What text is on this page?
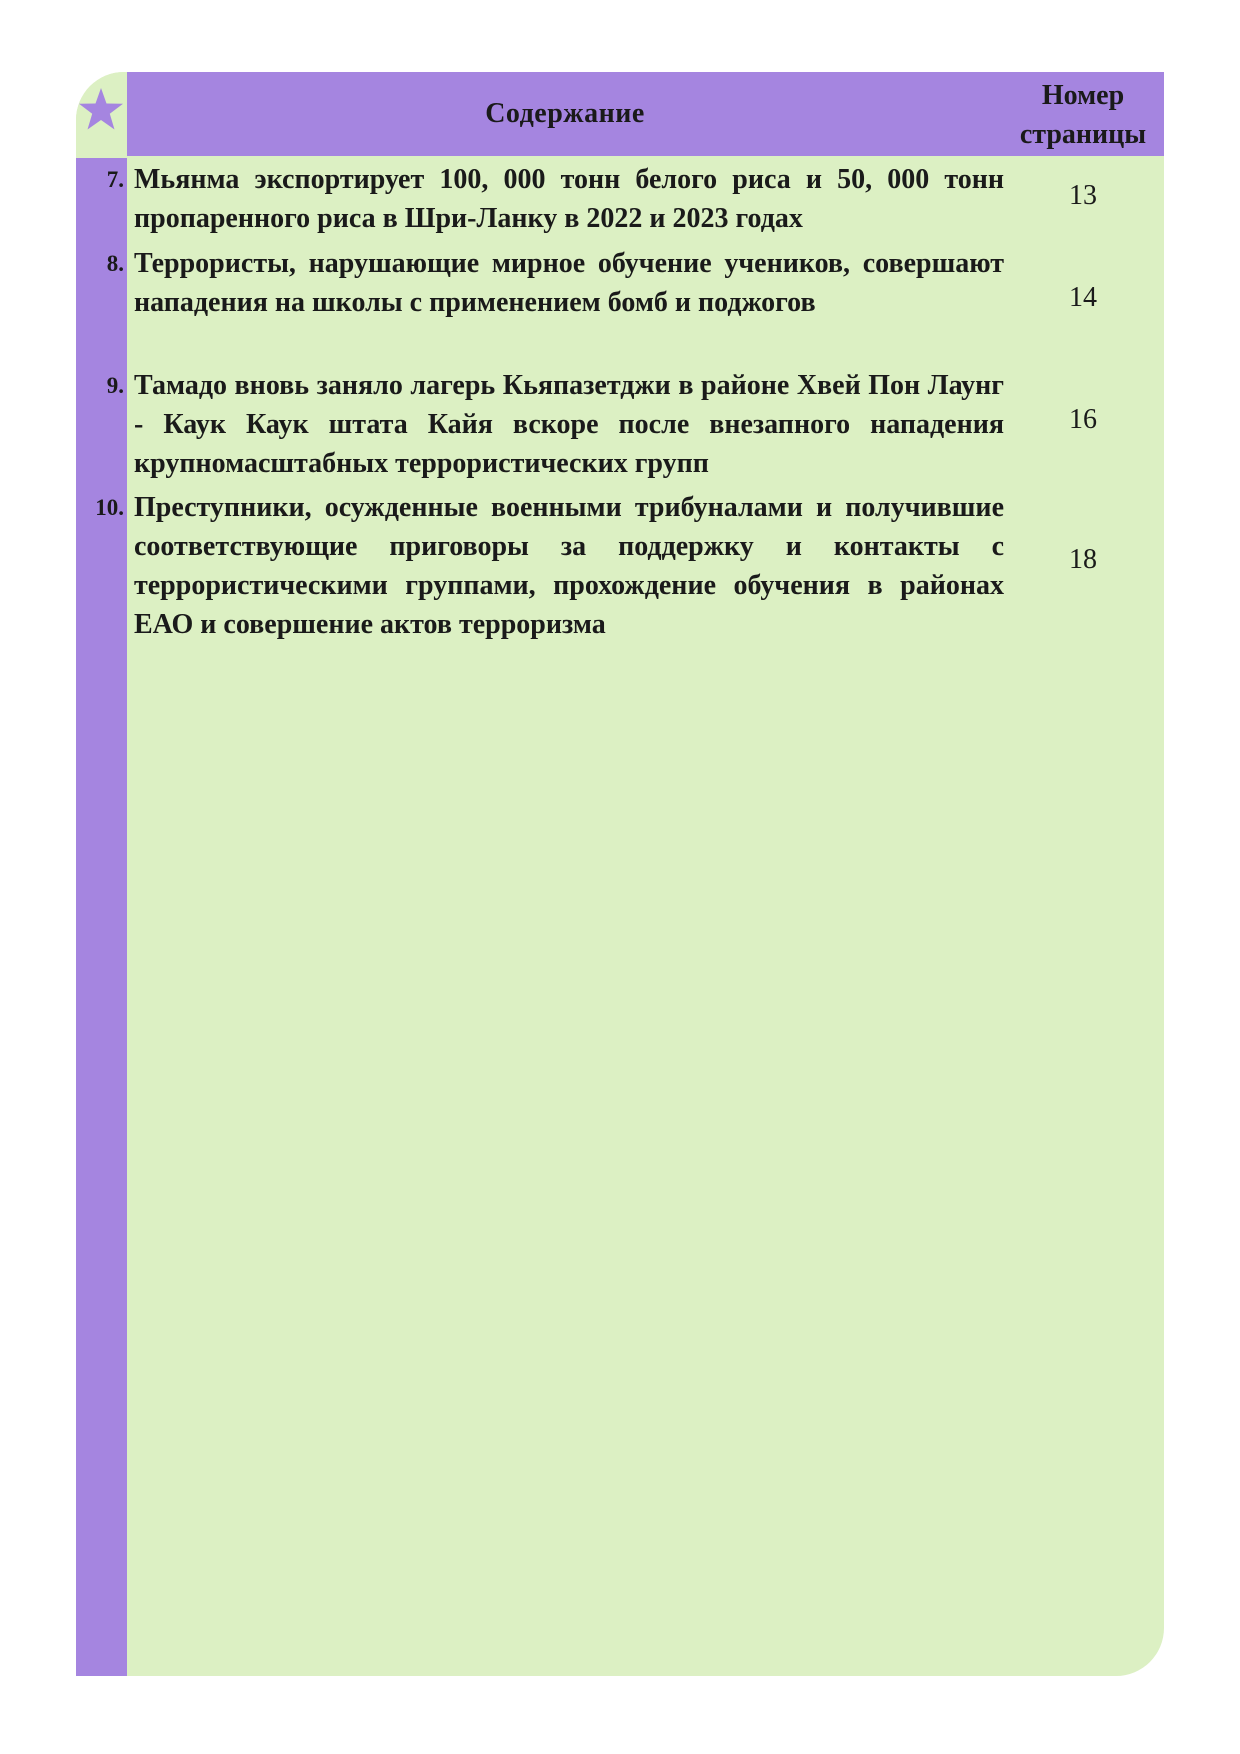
Содержание
Номер
страницы
7. Мьянма экспортирует 100, 000 тонн белого риса и 50, 000 тонн пропаренного риса в Шри-Ланку в 2022 и 2023 годах
13
8. Террористы, нарушающие мирное обучение учеников, совершают нападения на школы с применением бомб и поджогов	14
9. Тамадо вновь заняло лагерь Кьяпазетджи в районе Хвей Пон Лаунг - Каук Каук штата Кайя вскоре после внезапного нападения крупномасштабных террористических групп
16
10. Преступники, осужденные военными трибуналами и получившие соответствующие приговоры за поддержку и контакты с террористическими группами, прохождение обучения в районах ЕАО и совершение актов терроризма
18
